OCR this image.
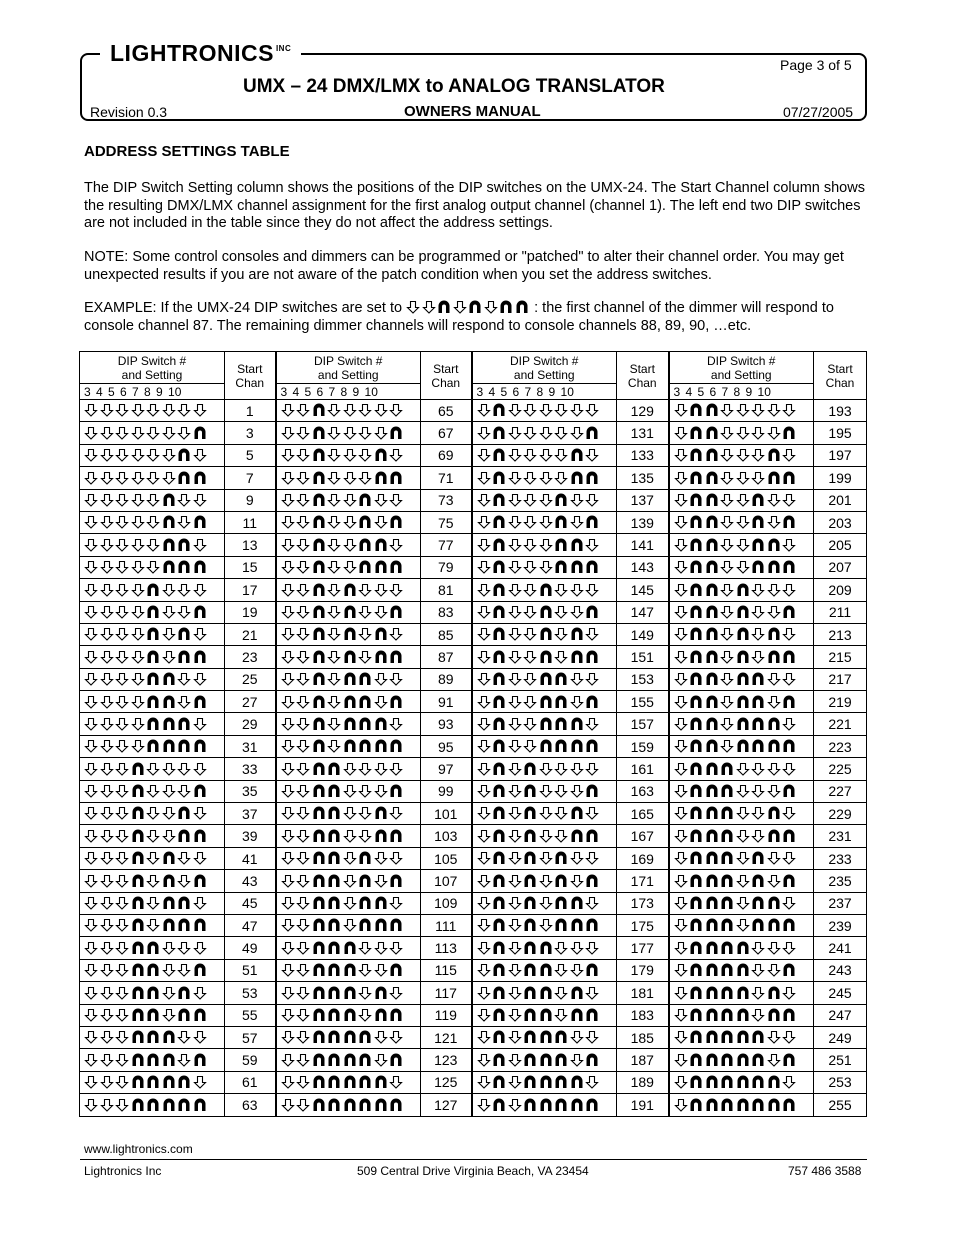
LIGHTRONICS $^{INC}$
Page 3 of 5
UMX – 24 DMX/LMX to ANALOG TRANSLATOR
Revision 0.3	OWNERS MANUAL	07/27/2005
ADDRESS SETTINGS TABLE
The DIP Switch Setting column shows the positions of the DIP switches on the UMX-24. The Start Channel column shows the resulting DMX/LMX channel assignment for the first analog output channel (channel 1). The left end two DIP switches are not included in the table since they do not affect the address settings.
NOTE: Some control consoles and dimmers can be programmed or "patched" to alter their channel order. You may get unexpected results if you are not aware of the patch condition when you set the address switches.
EXAMPLE: If the UMX-24 DIP switches are set to	: the first channel of the dimmer will respond to console channel 87. The remaining dimmer channels will respond to console channels 88, 89, 90, …etc.
DIP Switch #
and Setting	Start
Chan	DIP Switch #
and Setting	Start
Chan	DIP Switch #
and Setting	Start
Chan	DIP Switch #
and Setting	Start
Chan
3 4 5 6 7 8 9 10		3 4 5 6 7 8 9 10		3 4 5 6 7 8 9 10		3 4 5 6 7 8 9 10	

	1		65		129		193

	3		67		131		195

	5		69		133		197

	7		71		135		199

	9		73		137		201

	11		75		139		203

	13		77		141		205

	15		79		143		207

	17		81		145		209

	19		83		147		211

	21		85		149		213

	23		87		151		215

	25		89		153		217

	27		91		155		219

	29		93		157		221

	31		95		159		223

	33		97		161		225

	35		99		163		227

	37		101		165		229

	39		103		167		231

	41		105		169		233

	43		107		171		235

	45		109		173		237

	47		111		175		239

	49		113		177		241

	51		115		179		243

	53		117		181		245

	55		119		183		247

	57		121		185		249

	59		123		187		251

	61		125		189		253

	63		127		191		255
www.lightronics.com
Lightronics Inc	509 Central Drive Virginia Beach, VA 23454	757 486 3588
